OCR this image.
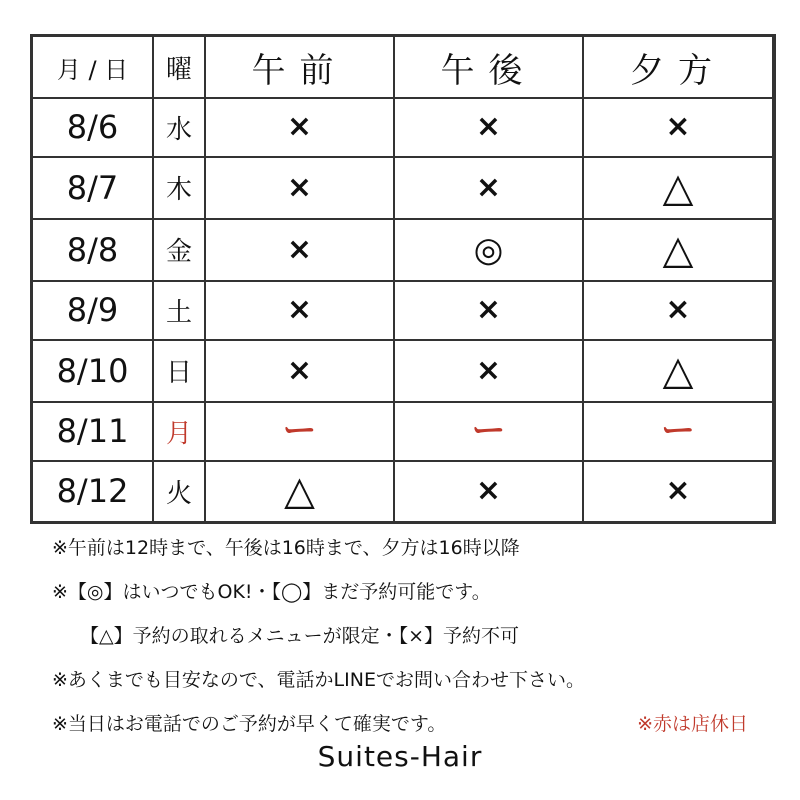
月 / 日	曜	午前	午後	夕方
8/6	水	×	×	×
8/7	木	×	×	△
8/8	金	×	◎	△
8/9	土	×	×	×
8/10	日	×	×	△
8/11	月	ー	ー	ー
8/12	火	△	×	×
※午前は12時まで、午後は16時まで、夕方は16時以降
※【◎】はいつでもOK!・【◯】まだ予約可能です。
【△】予約の取れるメニューが限定・【×】予約不可
※あくまでも目安なので、電話かLINEでお問い合わせ下さい。
※当日はお電話でのご予約が早くて確実です。	※赤は店休日
Suites-Hair
